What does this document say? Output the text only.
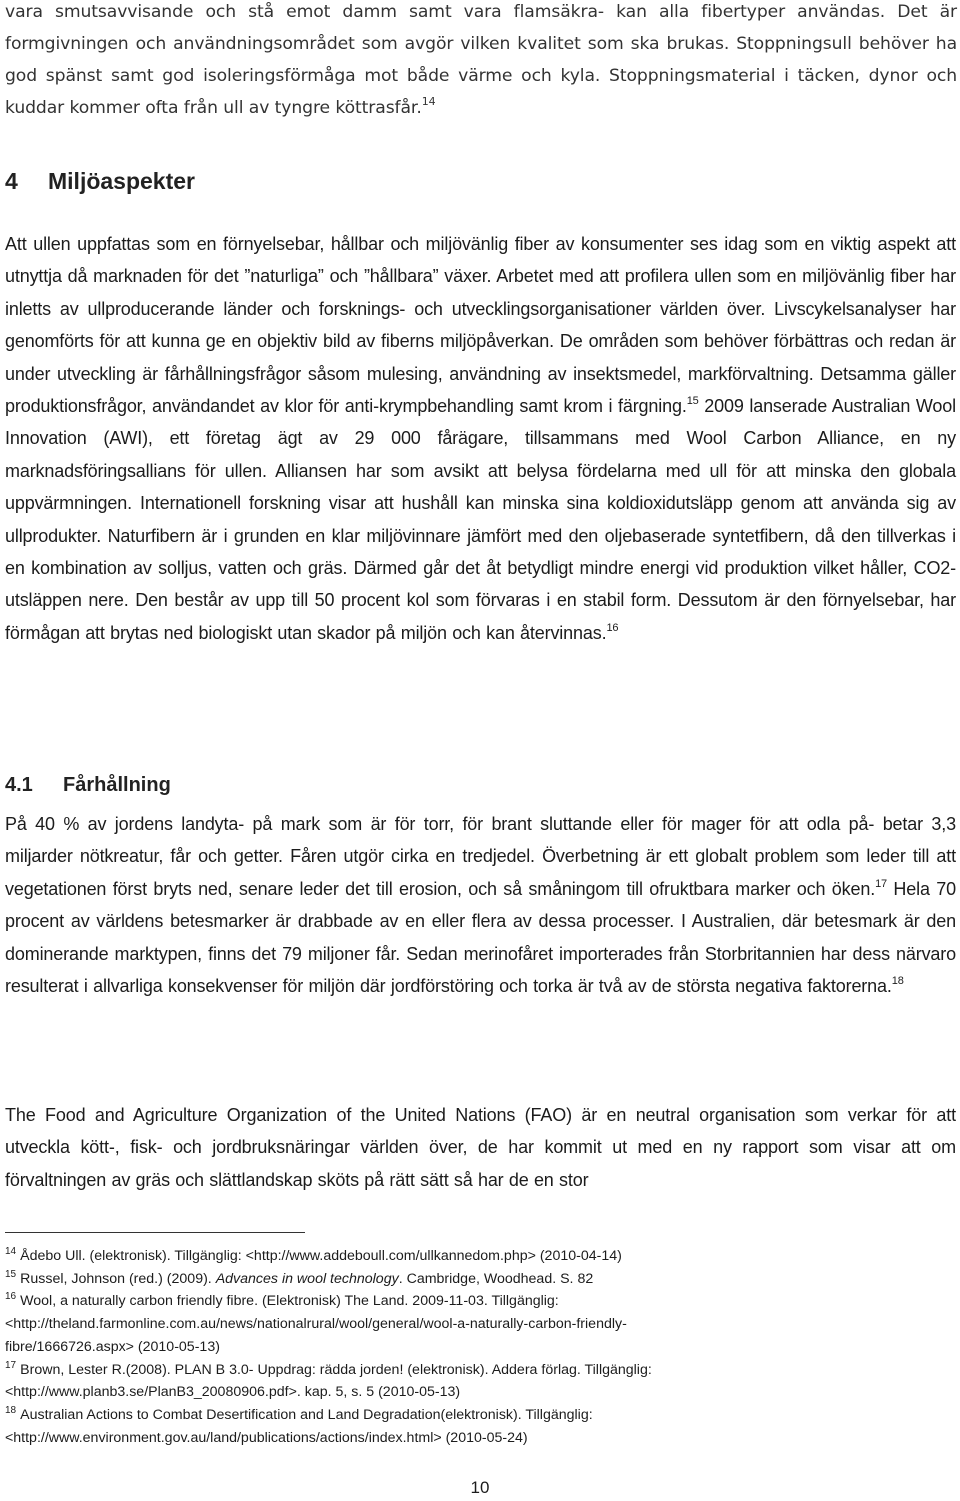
vara smutsavvisande och stå emot damm samt vara flamsäkra- kan alla fibertyper användas. Det är formgivningen och användningsområdet som avgör vilken kvalitet som ska brukas. Stoppningsull behöver ha god spänst samt god isoleringsförmåga mot både värme och kyla. Stoppningsmaterial i täcken, dynor och kuddar kommer ofta från ull av tyngre köttrasfår.$^{14}$

4 Miljöaspekter

Att ullen uppfattas som en förnyelsebar, hållbar och miljövänlig fiber av konsumenter ses idag som en viktig aspekt att utnyttja då marknaden för det ”naturliga” och ”hållbara” växer. Arbetet med att profilera ullen som en miljövänlig fiber har inletts av ullproducerande länder och forsknings- och utvecklingsorganisationer världen över. Livscykelsanalyser har genomförts för att kunna ge en objektiv bild av fiberns miljöpåverkan. De områden som behöver förbättras och redan är under utveckling är fårhållningsfrågor såsom mulesing, användning av insektsmedel, markförvaltning. Detsamma gäller produktionsfrågor, användandet av klor för anti-krympbehandling samt krom i färgning.$^{15}$ 2009 lanserade Australian Wool Innovation (AWI), ett företag ägt av 29 000 fårägare, tillsammans med Wool Carbon Alliance, en ny marknadsföringsallians för ullen. Alliansen har som avsikt att belysa fördelarna med ull för att minska den globala uppvärmningen. Internationell forskning visar att hushåll kan minska sina koldioxidutsläpp genom att använda sig av ullprodukter. Naturfibern är i grunden en klar miljövinnare jämfört med den oljebaserade syntetfibern, då den tillverkas i en kombination av solljus, vatten och gräs. Därmed går det åt betydligt mindre energi vid produktion vilket håller, CO2-utsläppen nere. Den består av upp till 50 procent kol som förvaras i en stabil form. Dessutom är den förnyelsebar, har förmågan att brytas ned biologiskt utan skador på miljön och kan återvinnas.$^{16}$

4.1 Fårhållning

På 40 % av jordens landyta- på mark som är för torr, för brant sluttande eller för mager för att odla på- betar 3,3 miljarder nötkreatur, får och getter. Fåren utgör cirka en tredjedel. Överbetning är ett globalt problem som leder till att vegetationen först bryts ned, senare leder det till erosion, och så småningom till ofruktbara marker och öken.$^{17}$ Hela 70 procent av världens betesmarker är drabbade av en eller flera av dessa processer. I Australien, där betesmark är den dominerande marktypen, finns det 79 miljoner får. Sedan merinofåret importerades från Storbritannien har dess närvaro resulterat i allvarliga konsekvenser för miljön där jordförstöring och torka är två av de största negativa faktorerna.$^{18}$

The Food and Agriculture Organization of the United Nations (FAO) är en neutral organisation som verkar för att utveckla kött-, fisk- och jordbruksnäringar världen över, de har kommit ut med en ny rapport som visar att om förvaltningen av gräs och slättlandskap sköts på rätt sätt så har de en stor

$^{14}$ Ådebo Ull. (elektronisk). Tillgänglig: <http://www.addeboull.com/ullkannedom.php> (2010-04-14)

$^{15}$ Russel, Johnson (red.) (2009). Advances in wool technology. Cambridge, Woodhead. S. 82

$^{16}$ Wool, a naturally carbon friendly fibre. (Elektronisk) The Land. 2009-11-03. Tillgänglig:

<http://theland.farmonline.com.au/news/nationalrural/wool/general/wool-a-naturally-carbon-friendly-

fibre/1666726.aspx> (2010-05-13)

$^{17}$ Brown, Lester R.(2008). PLAN B 3.0- Uppdrag: rädda jorden! (elektronisk). Addera förlag. Tillgänglig:

<http://www.planb3.se/PlanB3_20080906.pdf>. kap. 5, s. 5 (2010-05-13)

$^{18}$ Australian Actions to Combat Desertification and Land Degradation(elektronisk). Tillgänglig:

<http://www.environment.gov.au/land/publications/actions/index.html> (2010-05-24)

10
